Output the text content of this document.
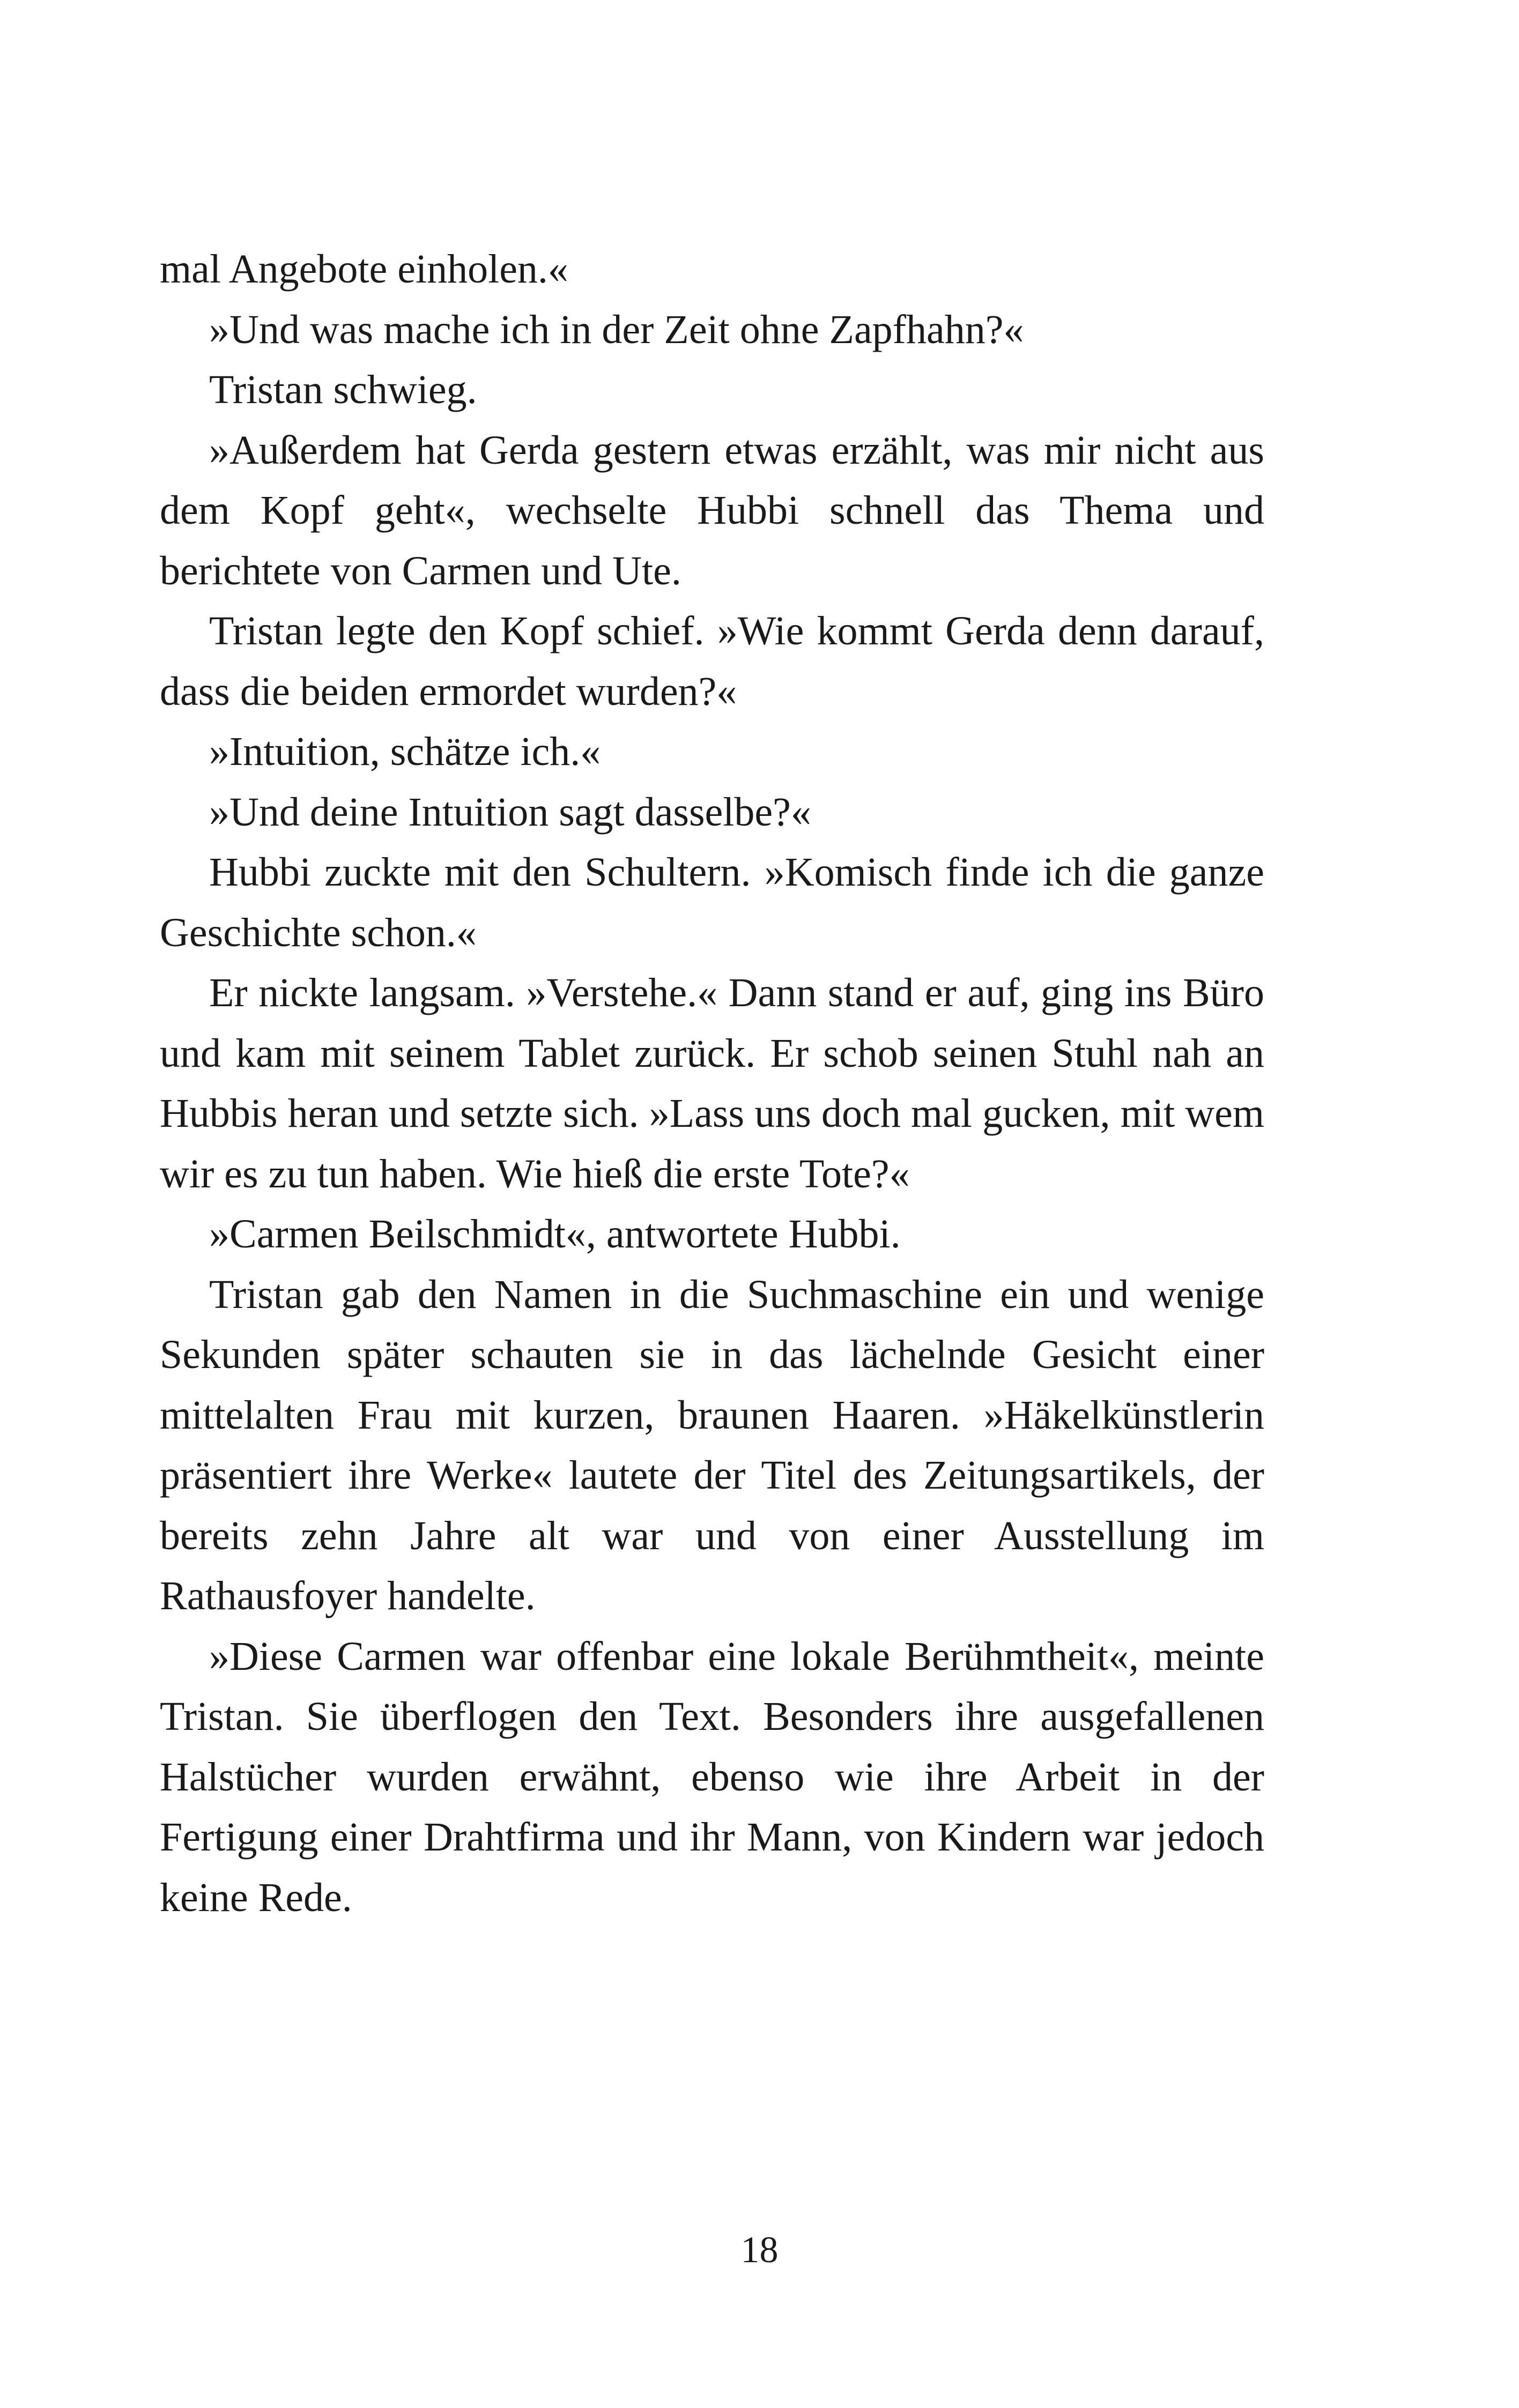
mal Angebote einholen.«

»Und was mache ich in der Zeit ohne Zapfhahn?«

Tristan schwieg.

»Außerdem hat Gerda gestern etwas erzählt, was mir nicht aus dem Kopf geht«, wechselte Hubbi schnell das Thema und berichtete von Carmen und Ute.

Tristan legte den Kopf schief. »Wie kommt Gerda denn darauf, dass die beiden ermordet wurden?«

»Intuition, schätze ich.«

»Und deine Intuition sagt dasselbe?«

Hubbi zuckte mit den Schultern. »Komisch finde ich die ganze Geschichte schon.«

Er nickte langsam. »Verstehe.« Dann stand er auf, ging ins Büro und kam mit seinem Tablet zurück. Er schob seinen Stuhl nah an Hubbis heran und setzte sich. »Lass uns doch mal gucken, mit wem wir es zu tun haben. Wie hieß die erste Tote?«

»Carmen Beilschmidt«, antwortete Hubbi.

Tristan gab den Namen in die Suchmaschine ein und wenige Sekunden später schauten sie in das lächelnde Gesicht einer mittelalten Frau mit kurzen, braunen Haaren. »Häkelkünstlerin präsentiert ihre Werke« lautete der Titel des Zeitungsartikels, der bereits zehn Jahre alt war und von einer Ausstellung im Rathausfoyer handelte.

»Diese Carmen war offenbar eine lokale Berühmtheit«, meinte Tristan. Sie überflogen den Text. Besonders ihre ausgefallenen Halstücher wurden erwähnt, ebenso wie ihre Arbeit in der Fertigung einer Drahtfirma und ihr Mann, von Kindern war jedoch keine Rede.

18
